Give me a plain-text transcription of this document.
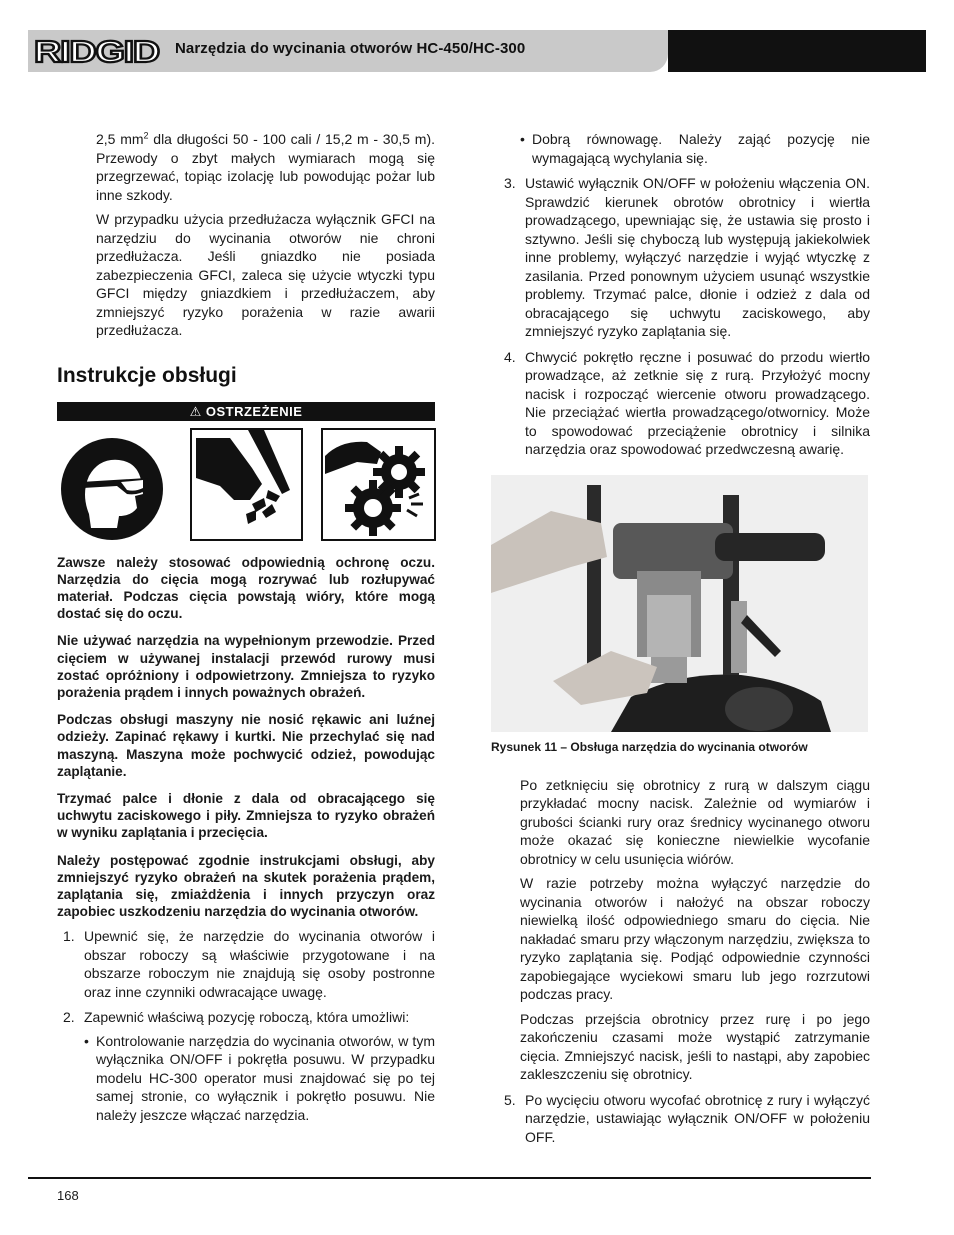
RIDGID Narzędzia do wycinania otworów HC-450/HC-300

2,5 $mm^2$ dla długości 50 - 100 cali / 15,2 m - 30,5 m). Przewody o zbyt małych wymiarach mogą się przegrzewać, topiąc izolację lub powodując pożar lub inne szkody.

W przypadku użycia przedłużacza wyłącznik GFCI na narzędziu do wycinania otworów nie chroni przedłużacza. Jeśli gniazdko nie posiada zabezpieczenia GFCI, zaleca się użycie wtyczki typu GFCI między gniazdkiem i przedłużaczem, aby zmniejszyć ryzyko porażenia w razie awarii przedłużacza.

Instrukcje obsługi
⚠ OSTRZEŻENIE

Zawsze należy stosować odpowiednią ochronę oczu. Narzędzia do cięcia mogą rozrywać lub rozłupywać materiał. Podczas cięcia powstają wióry, które mogą dostać się do oczu.

Nie używać narzędzia na wypełnionym przewodzie. Przed cięciem w używanej instalacji przewód rurowy musi zostać opróżniony i odpowietrzony. Zmniejsza to ryzyko porażenia prądem i innych poważnych obrażeń.

Podczas obsługi maszyny nie nosić rękawic ani luźnej odzieży. Zapinać rękawy i kurtki. Nie przechylać się nad maszyną. Maszyna może pochwycić odzież, powodując zaplątanie.

Trzymać palce i dłonie z dala od obracającego się uchwytu zaciskowego i piły. Zmniejsza to ryzyko obrażeń w wyniku zaplątania i przecięcia.

Należy postępować zgodnie instrukcjami obsługi, aby zmniejszyć ryzyko obrażeń na skutek porażenia prądem, zaplątania się, zmiażdżenia i innych przyczyn oraz zapobiec uszkodzeniu narzędzia do wycinania otworów.

1. Upewnić się, że narzędzie do wycinania otworów i obszar roboczy są właściwie przygotowane i na obszarze roboczym nie znajdują się osoby postronne oraz inne czynniki odwracające uwagę.
2. Zapewnić właściwą pozycję roboczą, która umożliwi:
• Kontrolowanie narzędzia do wycinania otworów, w tym wyłącznika ON/OFF i pokrętła posuwu. W przypadku modelu HC-300 operator musi znajdować się po tej samej stronie, co wyłącznik i pokrętło posuwu. Nie należy jeszcze włączać narzędzia.
• Dobrą równowagę. Należy zająć pozycję nie wymagającą wychylania się.
3. Ustawić wyłącznik ON/OFF w położeniu włączenia ON. Sprawdzić kierunek obrotów obrotnicy i wiertła prowadzącego, upewniając się, że ustawia się prosto i sztywno. Jeśli się chyboczą lub występują jakiekolwiek inne problemy, wyłączyć narzędzie i wyjąć wtyczkę z zasilania. Przed ponownym użyciem usunąć wszystkie problemy. Trzymać palce, dłonie i odzież z dala od obracającego się uchwytu zaciskowego, aby zmniejszyć ryzyko zaplątania się.
4. Chwycić pokrętło ręczne i posuwać do przodu wiertło prowadzące, aż zetknie się z rurą. Przyłożyć mocny nacisk i rozpocząć wiercenie otworu prowadzącego. Nie przeciążać wiertła prowadzącego/otwornicy. Może to spowodować przeciążenie obrotnicy i silnika narzędzia oraz spowodować przedwczesną awarię.

Rysunek 11 – Obsługa narzędzia do wycinania otworów

Po zetknięciu się obrotnicy z rurą w dalszym ciągu przykładać mocny nacisk. Zależnie od wymiarów i grubości ścianki rury oraz średnicy wycinanego otworu może okazać się konieczne niewielkie wycofanie obrotnicy w celu usunięcia wiórów.

W razie potrzeby można wyłączyć narzędzie do wycinania otworów i nałożyć na obszar roboczy niewielką ilość odpowiedniego smaru do cięcia. Nie nakładać smaru przy włączonym narzędziu, zwiększa to ryzyko zaplątania się. Podjąć odpowiednie czynności zapobiegające wyciekowi smaru lub jego rozrzutowi podczas pracy.

Podczas przejścia obrotnicy przez rurę i po jego zakończeniu czasami może wystąpić zatrzymanie cięcia. Zmniejszyć nacisk, jeśli to nastąpi, aby zapobiec zakleszczeniu się obrotnicy.

5. Po wycięciu otworu wycofać obrotnicę z rury i wyłączyć narzędzie, ustawiając wyłącznik ON/OFF w położeniu OFF.
168
